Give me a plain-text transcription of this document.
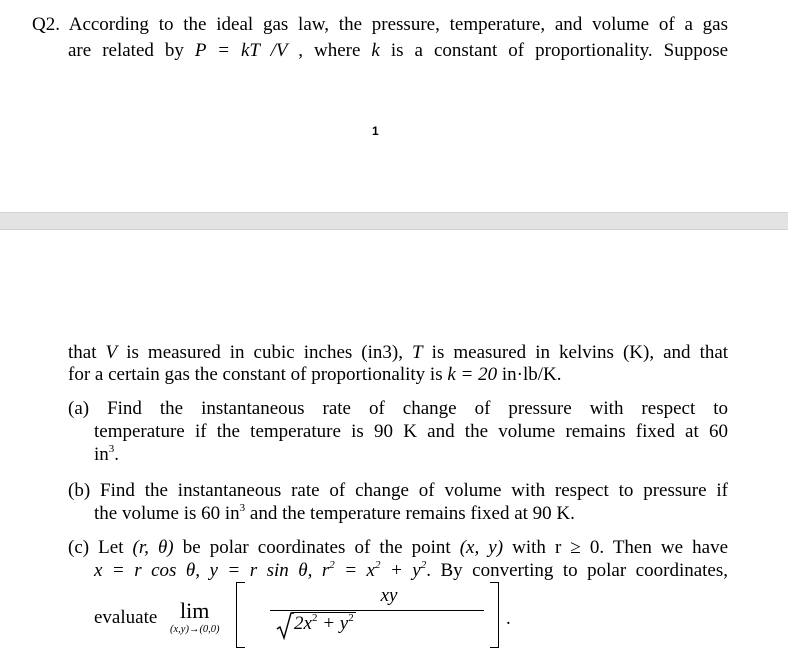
Q2. According to the ideal gas law, the pressure, temperature, and volume of a gas
are related by P = kT /V , where k is a constant of proportionality. Suppose
1
that V is measured in cubic inches (in3), T is measured in kelvins (K), and that
for a certain gas the constant of proportionality is k = 20 in·lb/K.
(a) Find the instantaneous rate of change of pressure with respect to
temperature if the temperature is 90 K and the volume remains fixed at 60
$in^3$.
(b) Find the instantaneous rate of change of volume with respect to pressure if
the volume is 60 $in^3$ and the temperature remains fixed at 90 K.
(c) Let (r, θ) be polar coordinates of the point (x, y) with r ≥ 0. Then we have
x = r cos θ, y = r sin θ, $r^2 = x^2 + y^2$. By converting to polar coordinates,
evaluate lim
(x,y)→(0,0)
xy
$2x^2 + y^2$	.
